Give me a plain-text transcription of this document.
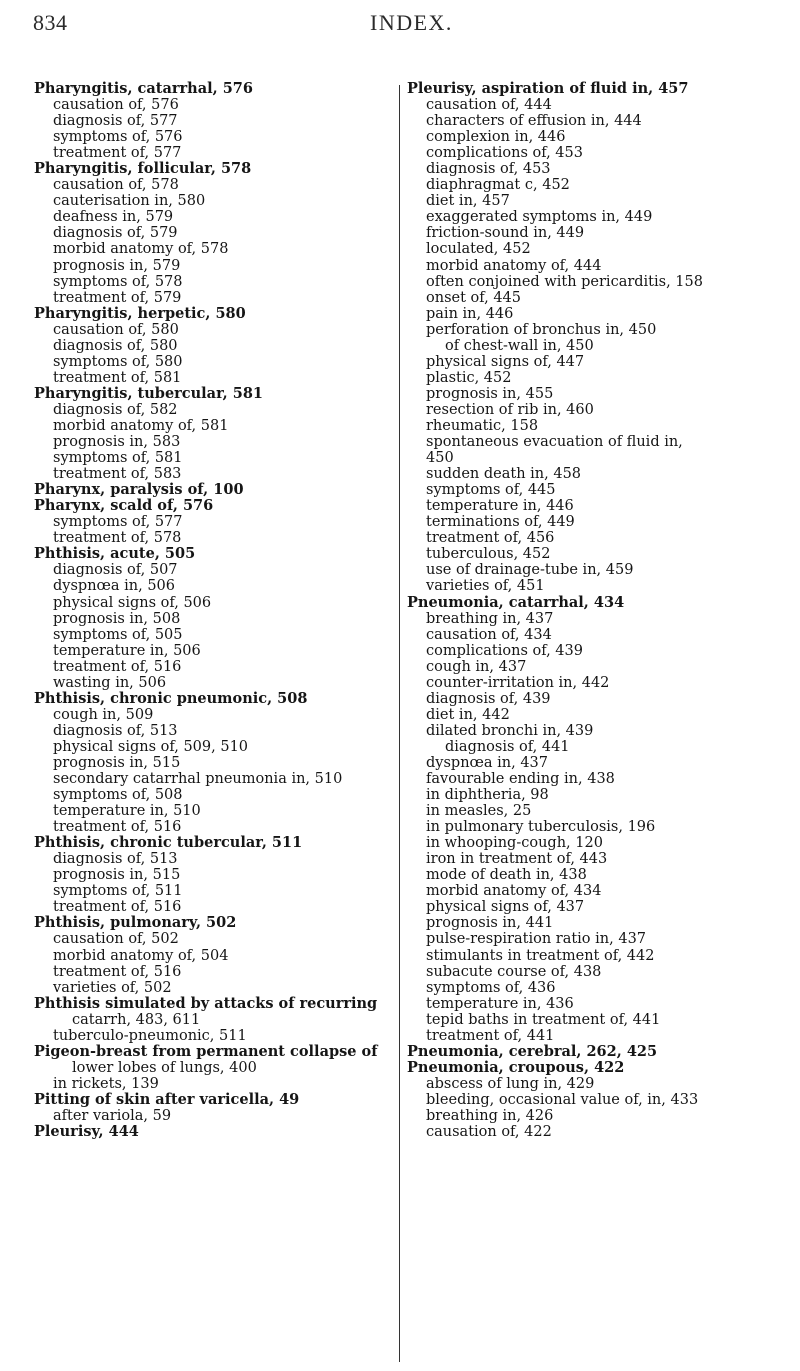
834	INDEX.
Pharyngitis, catarrhal, 576
causation of, 576
diagnosis of, 577
symptoms of, 576
treatment of, 577
Pharyngitis, follicular, 578
causation of, 578
cauterisation in, 580
deafness in, 579
diagnosis of, 579
morbid anatomy of, 578
prognosis in, 579
symptoms of, 578
treatment of, 579
Pharyngitis, herpetic, 580
causation of, 580
diagnosis of, 580
symptoms of, 580
treatment of, 581
Pharyngitis, tubercular, 581
diagnosis of, 582
morbid anatomy of, 581
prognosis in, 583
symptoms of, 581
treatment of, 583
Pharynx, paralysis of, 100
Pharynx, scald of, 576
symptoms of, 577
treatment of, 578
Phthisis, acute, 505
diagnosis of, 507
dyspnœa in, 506
physical signs of, 506
prognosis in, 508
symptoms of, 505
temperature in, 506
treatment of, 516
wasting in, 506
Phthisis, chronic pneumonic, 508
cough in, 509
diagnosis of, 513
physical signs of, 509, 510
prognosis in, 515
secondary catarrhal pneumonia in, 510
symptoms of, 508
temperature in, 510
treatment of, 516
Phthisis, chronic tubercular, 511
diagnosis of, 513
prognosis in, 515
symptoms of, 511
treatment of, 516
Phthisis, pulmonary, 502
causation of, 502
morbid anatomy of, 504
treatment of, 516
varieties of, 502
Phthisis simulated by attacks of recurring
catarrh, 483, 611
tuberculo-pneumonic, 511
Pigeon-breast from permanent collapse of
lower lobes of lungs, 400
in rickets, 139
Pitting of skin after varicella, 49
after variola, 59
Pleurisy, 444
Pleurisy, aspiration of fluid in, 457
causation of, 444
characters of effusion in, 444
complexion in, 446
complications of, 453
diagnosis of, 453
diaphragmat c, 452
diet in, 457
exaggerated symptoms in, 449
friction-sound in, 449
loculated, 452
morbid anatomy of, 444
often conjoined with pericarditis, 158
onset of, 445
pain in, 446
perforation of bronchus in, 450
of chest-wall in, 450
physical signs of, 447
plastic, 452
prognosis in, 455
resection of rib in, 460
rheumatic, 158
spontaneous evacuation of fluid in,
450
sudden death in, 458
symptoms of, 445
temperature in, 446
terminations of, 449
treatment of, 456
tuberculous, 452
use of drainage-tube in, 459
varieties of, 451
Pneumonia, catarrhal, 434
breathing in, 437
causation of, 434
complications of, 439
cough in, 437
counter-irritation in, 442
diagnosis of, 439
diet in, 442
dilated bronchi in, 439
diagnosis of, 441
dyspnœa in, 437
favourable ending in, 438
in diphtheria, 98
in measles, 25
in pulmonary tuberculosis, 196
in whooping-cough, 120
iron in treatment of, 443
mode of death in, 438
morbid anatomy of, 434
physical signs of, 437
prognosis in, 441
pulse-respiration ratio in, 437
stimulants in treatment of, 442
subacute course of, 438
symptoms of, 436
temperature in, 436
tepid baths in treatment of, 441
treatment of, 441
Pneumonia, cerebral, 262, 425
Pneumonia, croupous, 422
abscess of lung in, 429
bleeding, occasional value of, in, 433
breathing in, 426
causation of, 422
